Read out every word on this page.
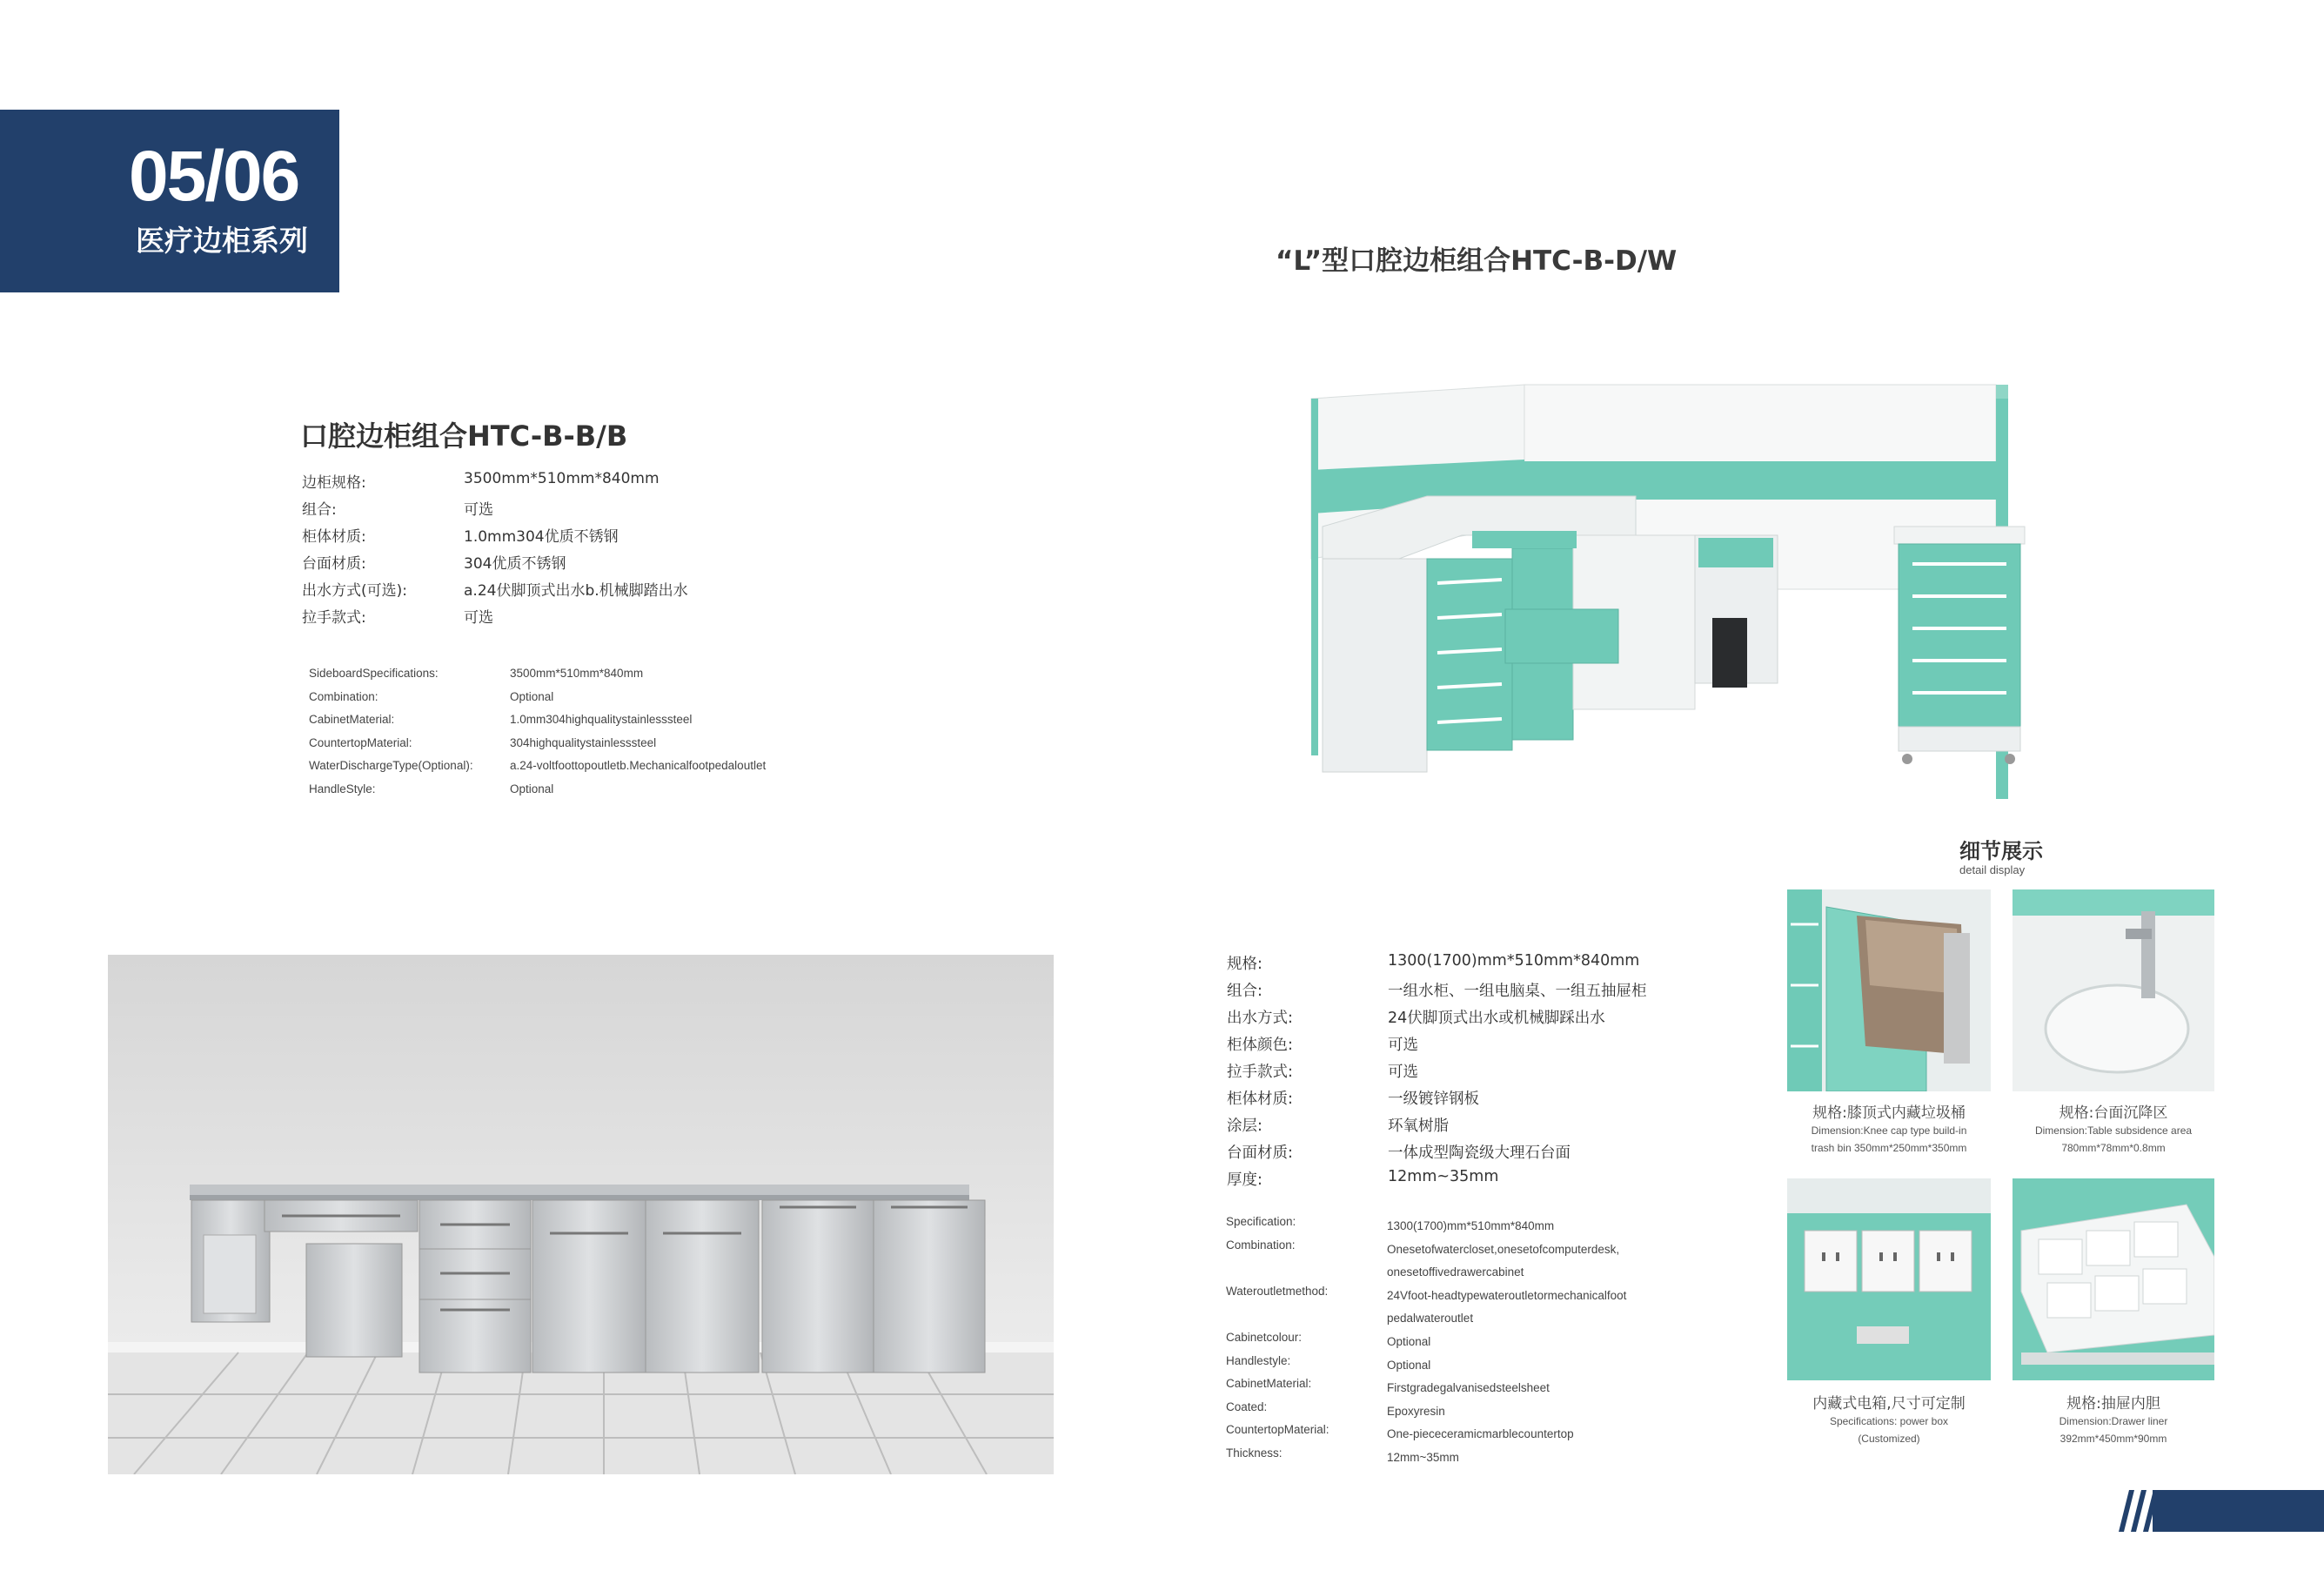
05/06
医疗边柜系列
口腔边柜组合HTC-B-B/B
边柜规格:	3500mm*510mm*840mm
组合:	可选
柜体材质:	1.0mm304优质不锈钢
台面材质:	304优质不锈钢
出水方式(可选):	a.24伏脚顶式出水b.机械脚踏出水
拉手款式:	可选
SideboardSpecifications:	3500mm*510mm*840mm
Combination:	Optional
CabinetMaterial:	1.0mm304highqualitystainlesssteel
CountertopMaterial:	304highqualitystainlesssteel
WaterDischargeType(Optional):	a.24-voltfoottopoutletb.Mechanicalfootpedaloutlet
HandleStyle:	Optional
“L”型口腔边柜组合HTC-B-D/W
规格:	1300(1700)mm*510mm*840mm
组合:	一组水柜、一组电脑桌、一组五抽屉柜
出水方式:	24伏脚顶式出水或机械脚踩出水
柜体颜色:	可选
拉手款式:	可选
柜体材质:	一级镀锌钢板
涂层:	环氧树脂
台面材质:	一体成型陶瓷级大理石台面
厚度:	12mm~35mm
Specification:	1300(1700)mm*510mm*840mm
Combination:	Onesetofwatercloset,onesetofcomputerdesk, onesetoffivedrawercabinet
Wateroutletmethod:	24Vfoot-headtypewateroutletormechanicalfoot pedalwateroutlet
Cabinetcolour:	Optional
Handlestyle:	Optional
CabinetMaterial:	Firstgradegalvanisedsteelsheet
Coated:	Epoxyresin
CountertopMaterial:	One-piececeramicmarblecountertop
Thickness:	12mm~35mm
细节展示
detail display
规格:膝顶式内藏垃圾桶
Dimension:Knee cap type build-in
trash bin 350mm*250mm*350mm
规格:台面沉降区
Dimension:Table subsidence area
780mm*78mm*0.8mm
内藏式电箱,尺寸可定制
Specifications: power box
(Customized)
规格:抽屉内胆
Dimension:Drawer liner
392mm*450mm*90mm
